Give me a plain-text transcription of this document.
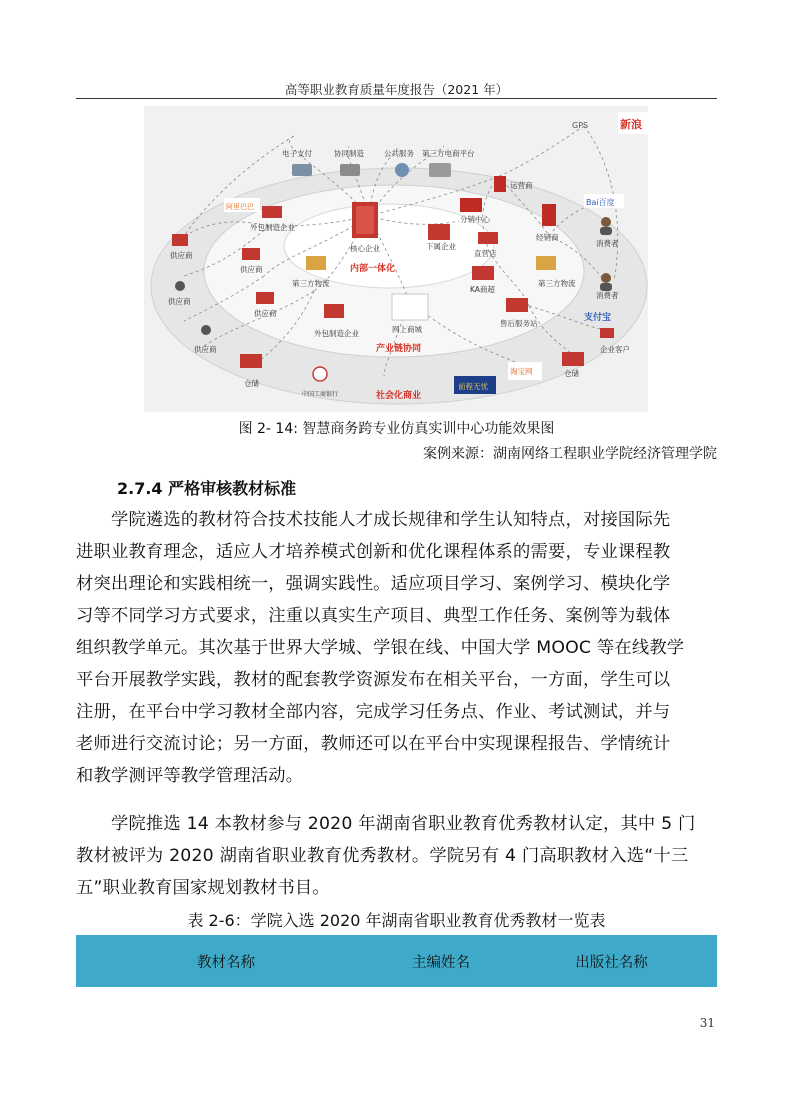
高等职业教育质量年度报告（2021 年）
电子支付	协同制造	公共服务 第三方电商平台
GPS	新浪
阿里巴巴
运营商
Bai百度
核心企业
内部一体化
分销中心
下属企业
经销商
消费者
直营店
第三方物流
KA商超
第三方物流
消费者
外包制造企业
供应商
供应商
供应商
供应商
供应商
外包制造企业	网上商城
产业链协同
售后服务站
支付宝
企业客户
仓储
仓储
中国工商银行	社会化商业
淘宝网
前程无忧
图 2- 14: 智慧商务跨专业仿真实训中心功能效果图
案例来源：湖南网络工程职业学院经济管理学院
2.7.4 严格审核教材标准
　　学院遴选的教材符合技术技能人才成长规律和学生认知特点，对接国际先
进职业教育理念，适应人才培养模式创新和优化课程体系的需要，专业课程教
材突出理论和实践相统一，强调实践性。适应项目学习、案例学习、模块化学
习等不同学习方式要求，注重以真实生产项目、典型工作任务、案例等为载体
组织教学单元。其次基于世界大学城、学银在线、中国大学 MOOC 等在线教学
平台开展教学实践，教材的配套教学资源发布在相关平台，一方面，学生可以
注册，在平台中学习教材全部内容，完成学习任务点、作业、考试测试，并与
老师进行交流讨论；另一方面，教师还可以在平台中实现课程报告、学情统计
和教学测评等教学管理活动。
　　学院推选 14 本教材参与 2020 年湖南省职业教育优秀教材认定，其中 5 门
教材被评为 2020 湖南省职业教育优秀教材。学院另有 4 门高职教材入选“十三
五”职业教育国家规划教材书目。
表 2-6：学院入选 2020 年湖南省职业教育优秀教材一览表
教材名称	主编姓名	出版社名称
31
